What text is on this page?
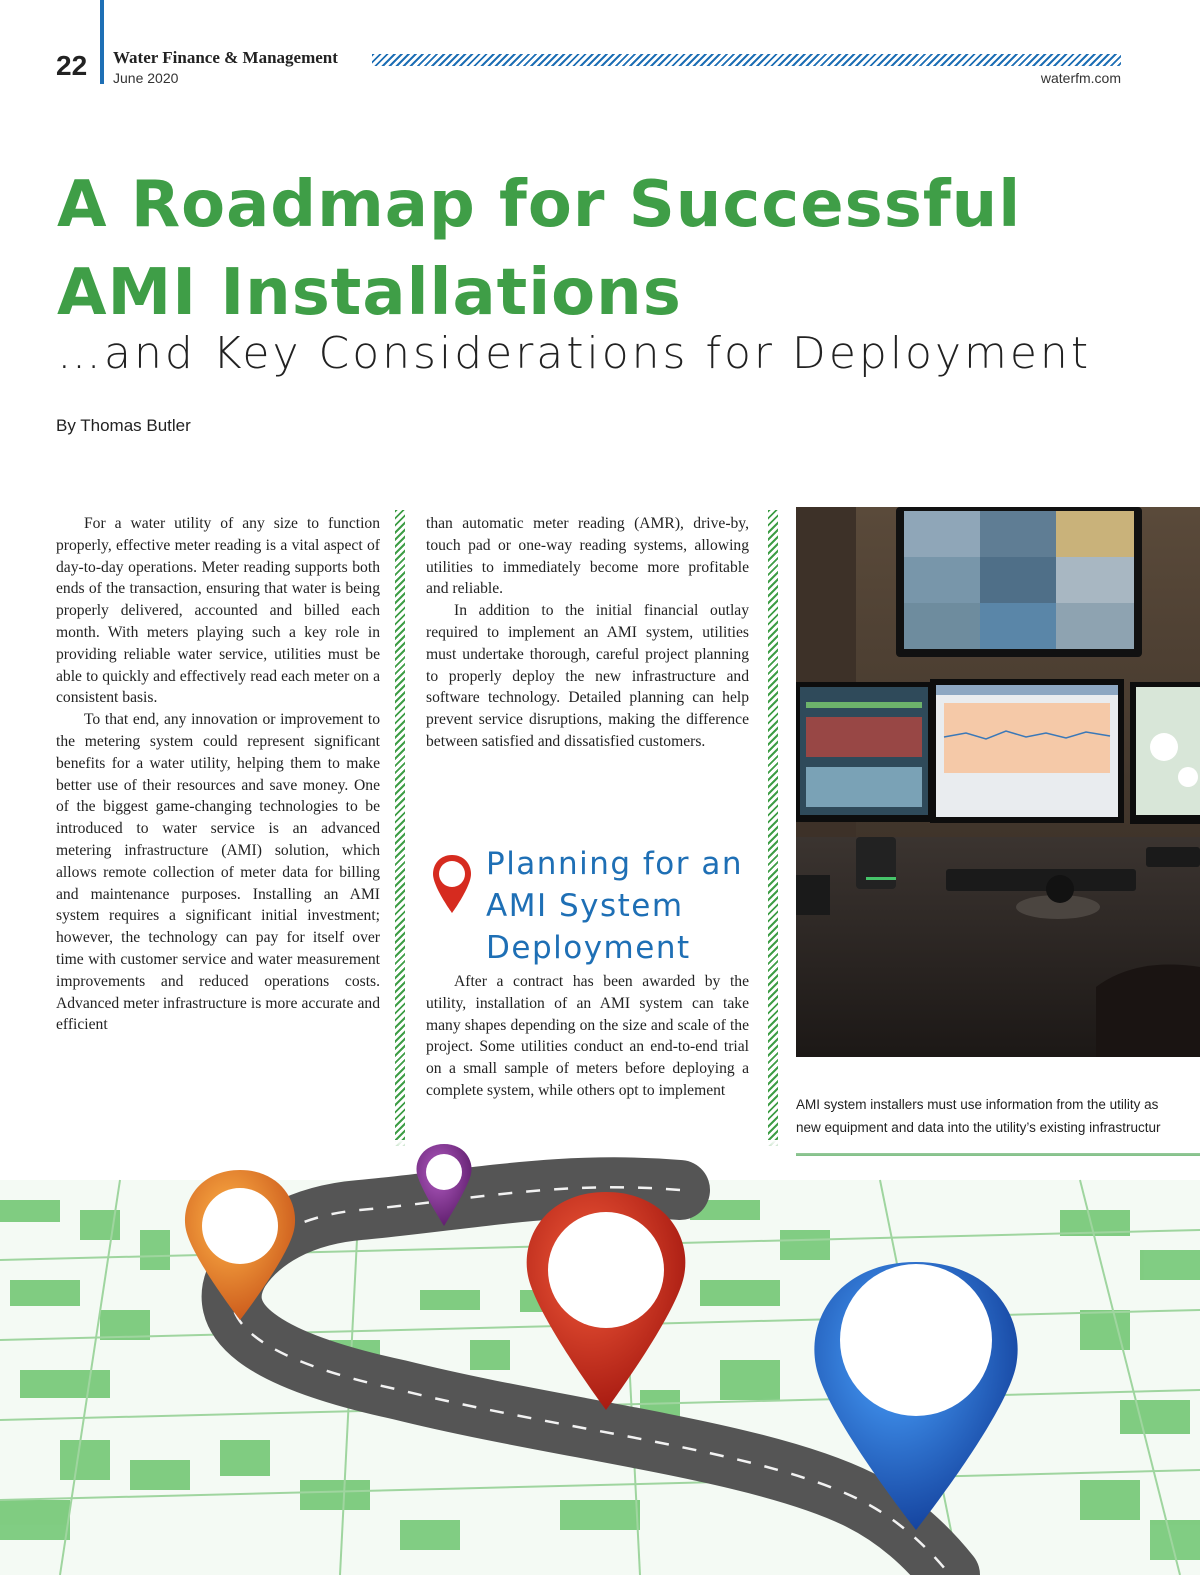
22 Water Finance & Management
June 2020	waterfm.com
A Roadmap for Successful
AMI Installations
…and Key Considerations for Deployment
By Thomas Butler

For a water utility of any size to function properly, effective meter reading is a vital aspect of day-to-day operations. Meter reading supports both ends of the transaction, ensuring that water is being properly delivered, accounted and billed each month. With meters playing such a key role in providing reliable water service, utilities must be able to quickly and effectively read each meter on a consistent basis.

To that end, any innovation or improvement to the metering system could represent significant benefits for a water utility, helping them to make better use of their resources and save money. One of the biggest game-changing technologies to be introduced to water service is an advanced metering infrastructure (AMI) solution, which allows remote collection of meter data for billing and maintenance purposes. Installing an AMI system requires a significant initial investment; however, the technology can pay for itself over time with customer service and water measurement improvements and reduced operations costs. Advanced meter infrastructure is more accurate and efficient

than automatic meter reading (AMR), drive-by, touch pad or one-way reading systems, allowing utilities to immediately become more profitable and reliable.

In addition to the initial financial outlay required to implement an AMI system, utilities must undertake thorough, careful project planning to properly deploy the new infrastructure and software technology. Detailed planning can help prevent service disruptions, making the difference between satisfied and dissatisfied customers.

Planning for an AMI System Deployment

After a contract has been awarded by the utility, installation of an AMI system can take many shapes depending on the size and scale of the project. Some utilities conduct an end-to-end trial on a small sample of meters before deploying a complete system, while others opt to implement

AMI system installers must use information from the utility as
new equipment and data into the utility’s existing infrastructur
